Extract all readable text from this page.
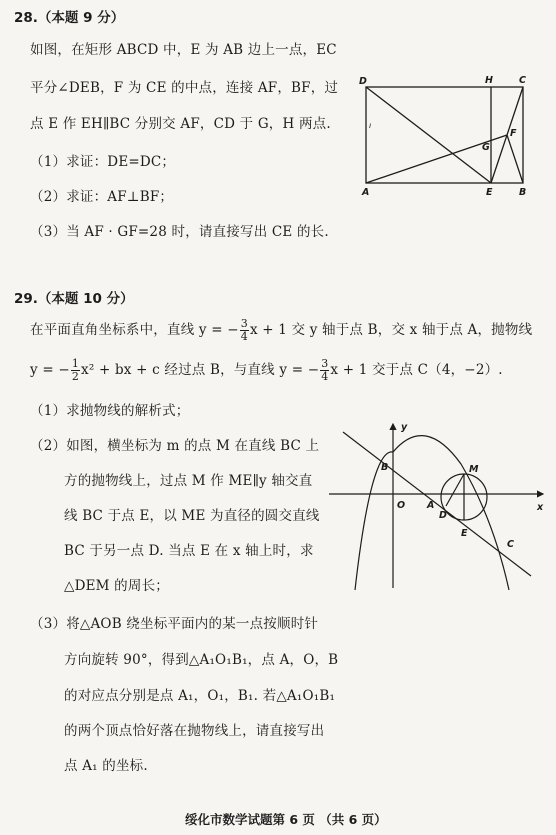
28.（本题 9 分）
如图，在矩形 ABCD 中，E 为 AB 边上一点，EC
平分∠DEB，F 为 CE 的中点，连接 AF，BF，过
点 E 作 EH∥BC 分别交 AF，CD 于 G，H 两点.
（1）求证：DE=DC；
（2）求证：AF⊥BF；
（3）当 AF · GF=28 时，请直接写出 CE 的长.
D	H	C
F
G
A	E	B
ı
29.（本题 10 分）
在平面直角坐标系中，直线 y = − $\frac{3}{4}$ x + 1 交 y 轴于点 B，交 x 轴于点 A，抛物线
y = − $\frac{1}{2} x^2$ + bx + c 经过点 B，与直线 y = − $\frac{3}{4}$ x + 1 交于点 C（4，−2）.
（1）求抛物线的解析式；
（2）如图，横坐标为 m 的点 M 在直线 BC 上
方的抛物线上，过点 M 作 ME∥y 轴交直
线 BC 于点 E，以 ME 为直径的圆交直线
BC 于另一点 D. 当点 E 在 x 轴上时，求
△DEM 的周长；
（3）将△AOB 绕坐标平面内的某一点按顺时针
方向旋转 90°，得到△A₁O₁B₁，点 A，O，B
的对应点分别是点 A₁，O₁，B₁. 若△A₁O₁B₁
的两个顶点恰好落在抛物线上，请直接写出
点 A₁ 的坐标.
y
B	M
O A
D
x
E
C
绥化市数学试题第 6 页 （共 6 页）
